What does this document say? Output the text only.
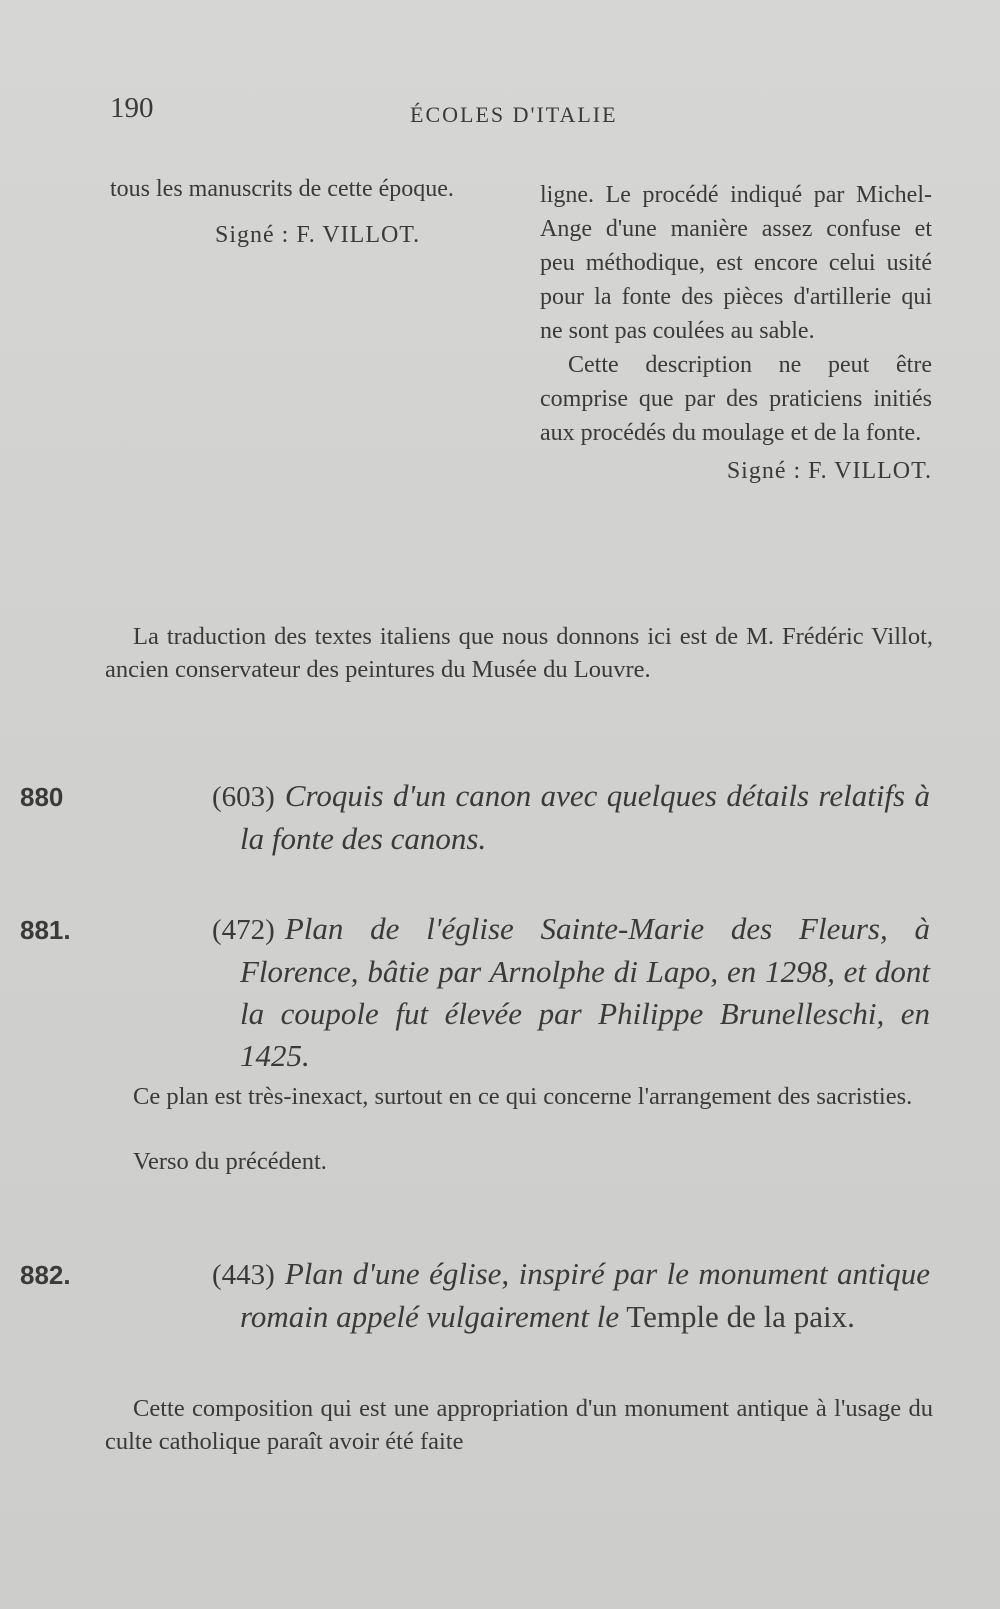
190	ÉCOLES D'ITALIE

tous les manuscrits de cette époque.

Signé : F. VILLOT.

ligne. Le procédé indiqué par Michel-Ange d'une manière assez confuse et peu méthodique, est encore celui usité pour la fonte des pièces d'artillerie qui ne sont pas coulées au sable.

Cette description ne peut être comprise que par des praticiens initiés aux procédés du moulage et de la fonte.

Signé : F. VILLOT.

La traduction des textes italiens que nous donnons ici est de M. Frédéric Villot, ancien conservateur des peintures du Musée du Louvre.

880	(603) Croquis d'un canon avec quelques détails relatifs à la fonte des canons.
881.	(472) Plan de l'église Sainte-Marie des Fleurs, à Florence, bâtie par Arnolphe di Lapo, en 1298, et dont la coupole fut élevée par Philippe Brunelleschi, en 1425.

Ce plan est très-inexact, surtout en ce qui concerne l'arrangement des sacristies.

Verso du précédent.

882.	(443) Plan d'une église, inspiré par le monument antique romain appelé vulgairement le Temple de la paix.

Cette composition qui est une appropriation d'un monument antique à l'usage du culte catholique paraît avoir été faite
